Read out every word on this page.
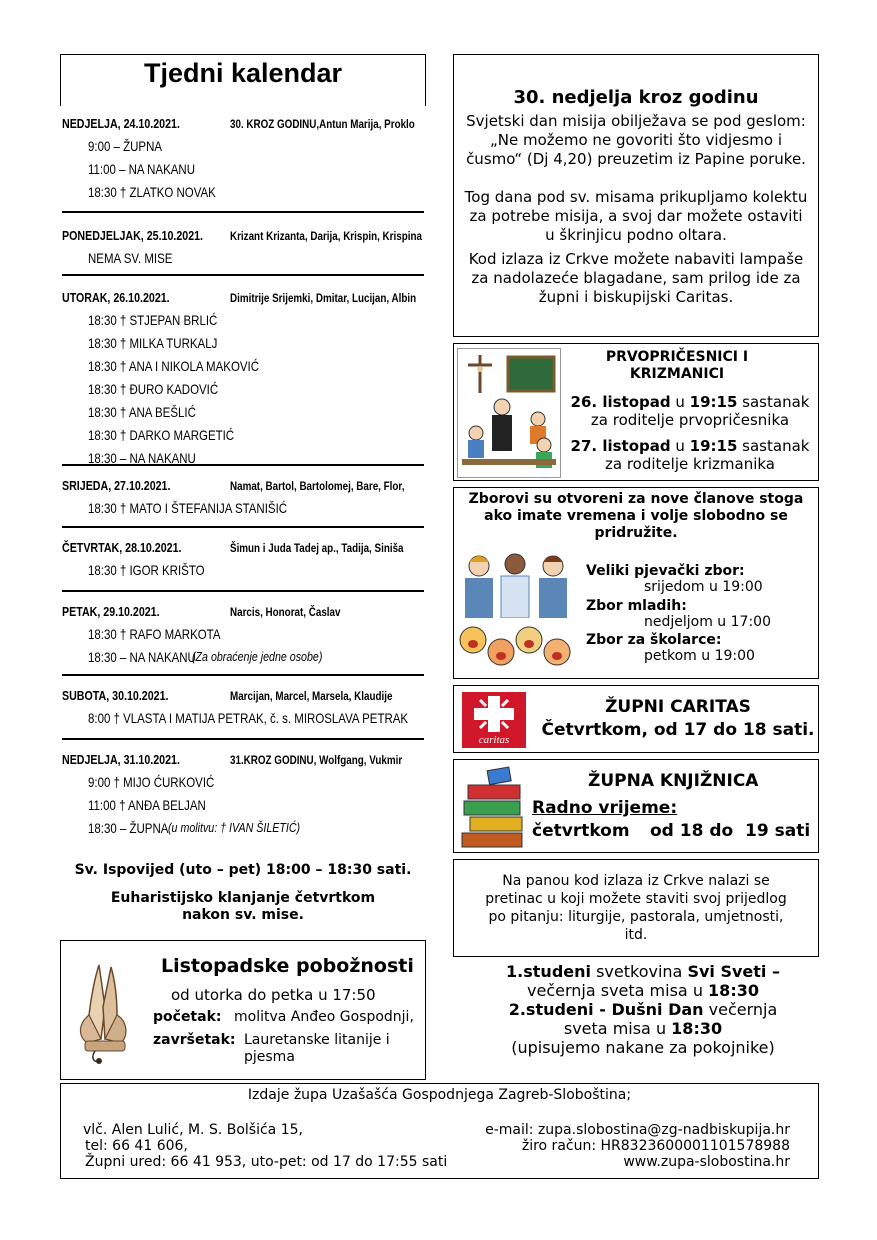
Tjedni kalendar
NEDJELJA, 24.10.2021.	30. KROZ GODINU,Antun Marija, Proklo
9:00 – ŽUPNA
11:00 – NA NAKANU
18:30 † ZLATKO NOVAK
PONEDJELJAK, 25.10.2021. Krizant Krizanta, Darija, Krispin, Krispina
NEMA SV. MISE
UTORAK, 26.10.2021.	Dimitrije Srijemki, Dmitar, Lucijan, Albin
18:30 † STJEPAN BRLIĆ
18:30 † MILKA TURKALJ
18:30 † ANA I NIKOLA MAKOVIĆ
18:30 † ĐURO KADOVIĆ
18:30 † ANA BEŠLIĆ
18:30 † DARKO MARGETIĆ
18:30 – NA NAKANU
SRIJEDA, 27.10.2021.	Namat, Bartol, Bartolomej, Bare, Flor,
18:30 † MATO I ŠTEFANIJA STANIŠIĆ
ČETVRTAK, 28.10.2021.	Šimun i Juda Tadej ap., Tadija, Siniša
18:30 † IGOR KRIŠTO
PETAK, 29.10.2021.	Narcis, Honorat, Časlav
18:30 † RAFO MARKOTA
18:30 – NA NAKANU
(Za obraćenje jedne osobe)
SUBOTA, 30.10.2021.	Marcijan, Marcel, Marsela, Klaudije
8:00 † VLASTA I MATIJA PETRAK, č. s. MIROSLAVA PETRAK
NEDJELJA, 31.10.2021.	31.KROZ GODINU, Wolfgang, Vukmir
9:00 † MIJO ĆURKOVIĆ
11:00 † ANĐA BELJAN
18:30 – ŽUPNA (u molitvu: † IVAN ŠILETIĆ)
Sv. Ispovijed (uto – pet) 18:00 – 18:30 sati.
Euharistijsko klanjanje četvrtkom
nakon sv. mise.
Listopadske pobožnosti
od utorka do petka u 17:50
početak: molitva Anđeo Gospodnji,
završetak: Lauretanske litanije i pjesma
30. nedjelja kroz godinu
Svjetski dan misija obilježava se pod geslom: „Ne možemo ne govoriti što vidjesmo i čusmo“ (Dj 4,20) preuzetim iz Papine poruke.
Tog dana pod sv. misama prikupljamo kolektu za potrebe misija, a svoj dar možete ostaviti u škrinjicu podno oltara.
Kod izlaza iz Crkve možete nabaviti lampaše za nadolazeće blagadane, sam prilog ide za župni i biskupijski Caritas.
PRVOPRIČESNICI I KRIZMANICI
26. listopad u 19:15 sastanak
za roditelje prvopričesnika
27. listopad u 19:15 sastanak
za roditelje krizmanika
Zborovi su otvoreni za nove članove stoga ako imate vremena i volje slobodno se pridružite.
Veliki pjevački zbor:
srijedom u 19:00
Zbor mladih:
nedjeljom u 17:00
Zbor za školarce:
petkom u 19:00
caritas
ŽUPNI CARITAS
Četvrtkom, od 17 do 18 sati.
ŽUPNA KNJIŽNICA
Radno vrijeme:
četvrtkom od 18 do  19 sati
Na panou kod izlaza iz Crkve nalazi se pretinac u koji možete staviti svoj prijedlog po pitanju: liturgije, pastorala, umjetnosti, itd.
1.studeni svetkovina Svi Sveti –
večernja sveta misa u 18:30
2.studeni - Dušni Dan večernja
sveta misa u 18:30
(upisujemo nakane za pokojnike)
Izdaje župa Uzašašća Gospodnjega Zagreb-Sloboština;
vlč. Alen Lulić, M. S. Bolšića 15,
tel: 66 41 606,
Župni ured: 66 41 953, uto-pet: od 17 do 17:55 sati
e-mail: zupa.slobostina@zg-nadbiskupija.hr
žiro račun: HR8323600001101578988
www.zupa-slobostina.hr
